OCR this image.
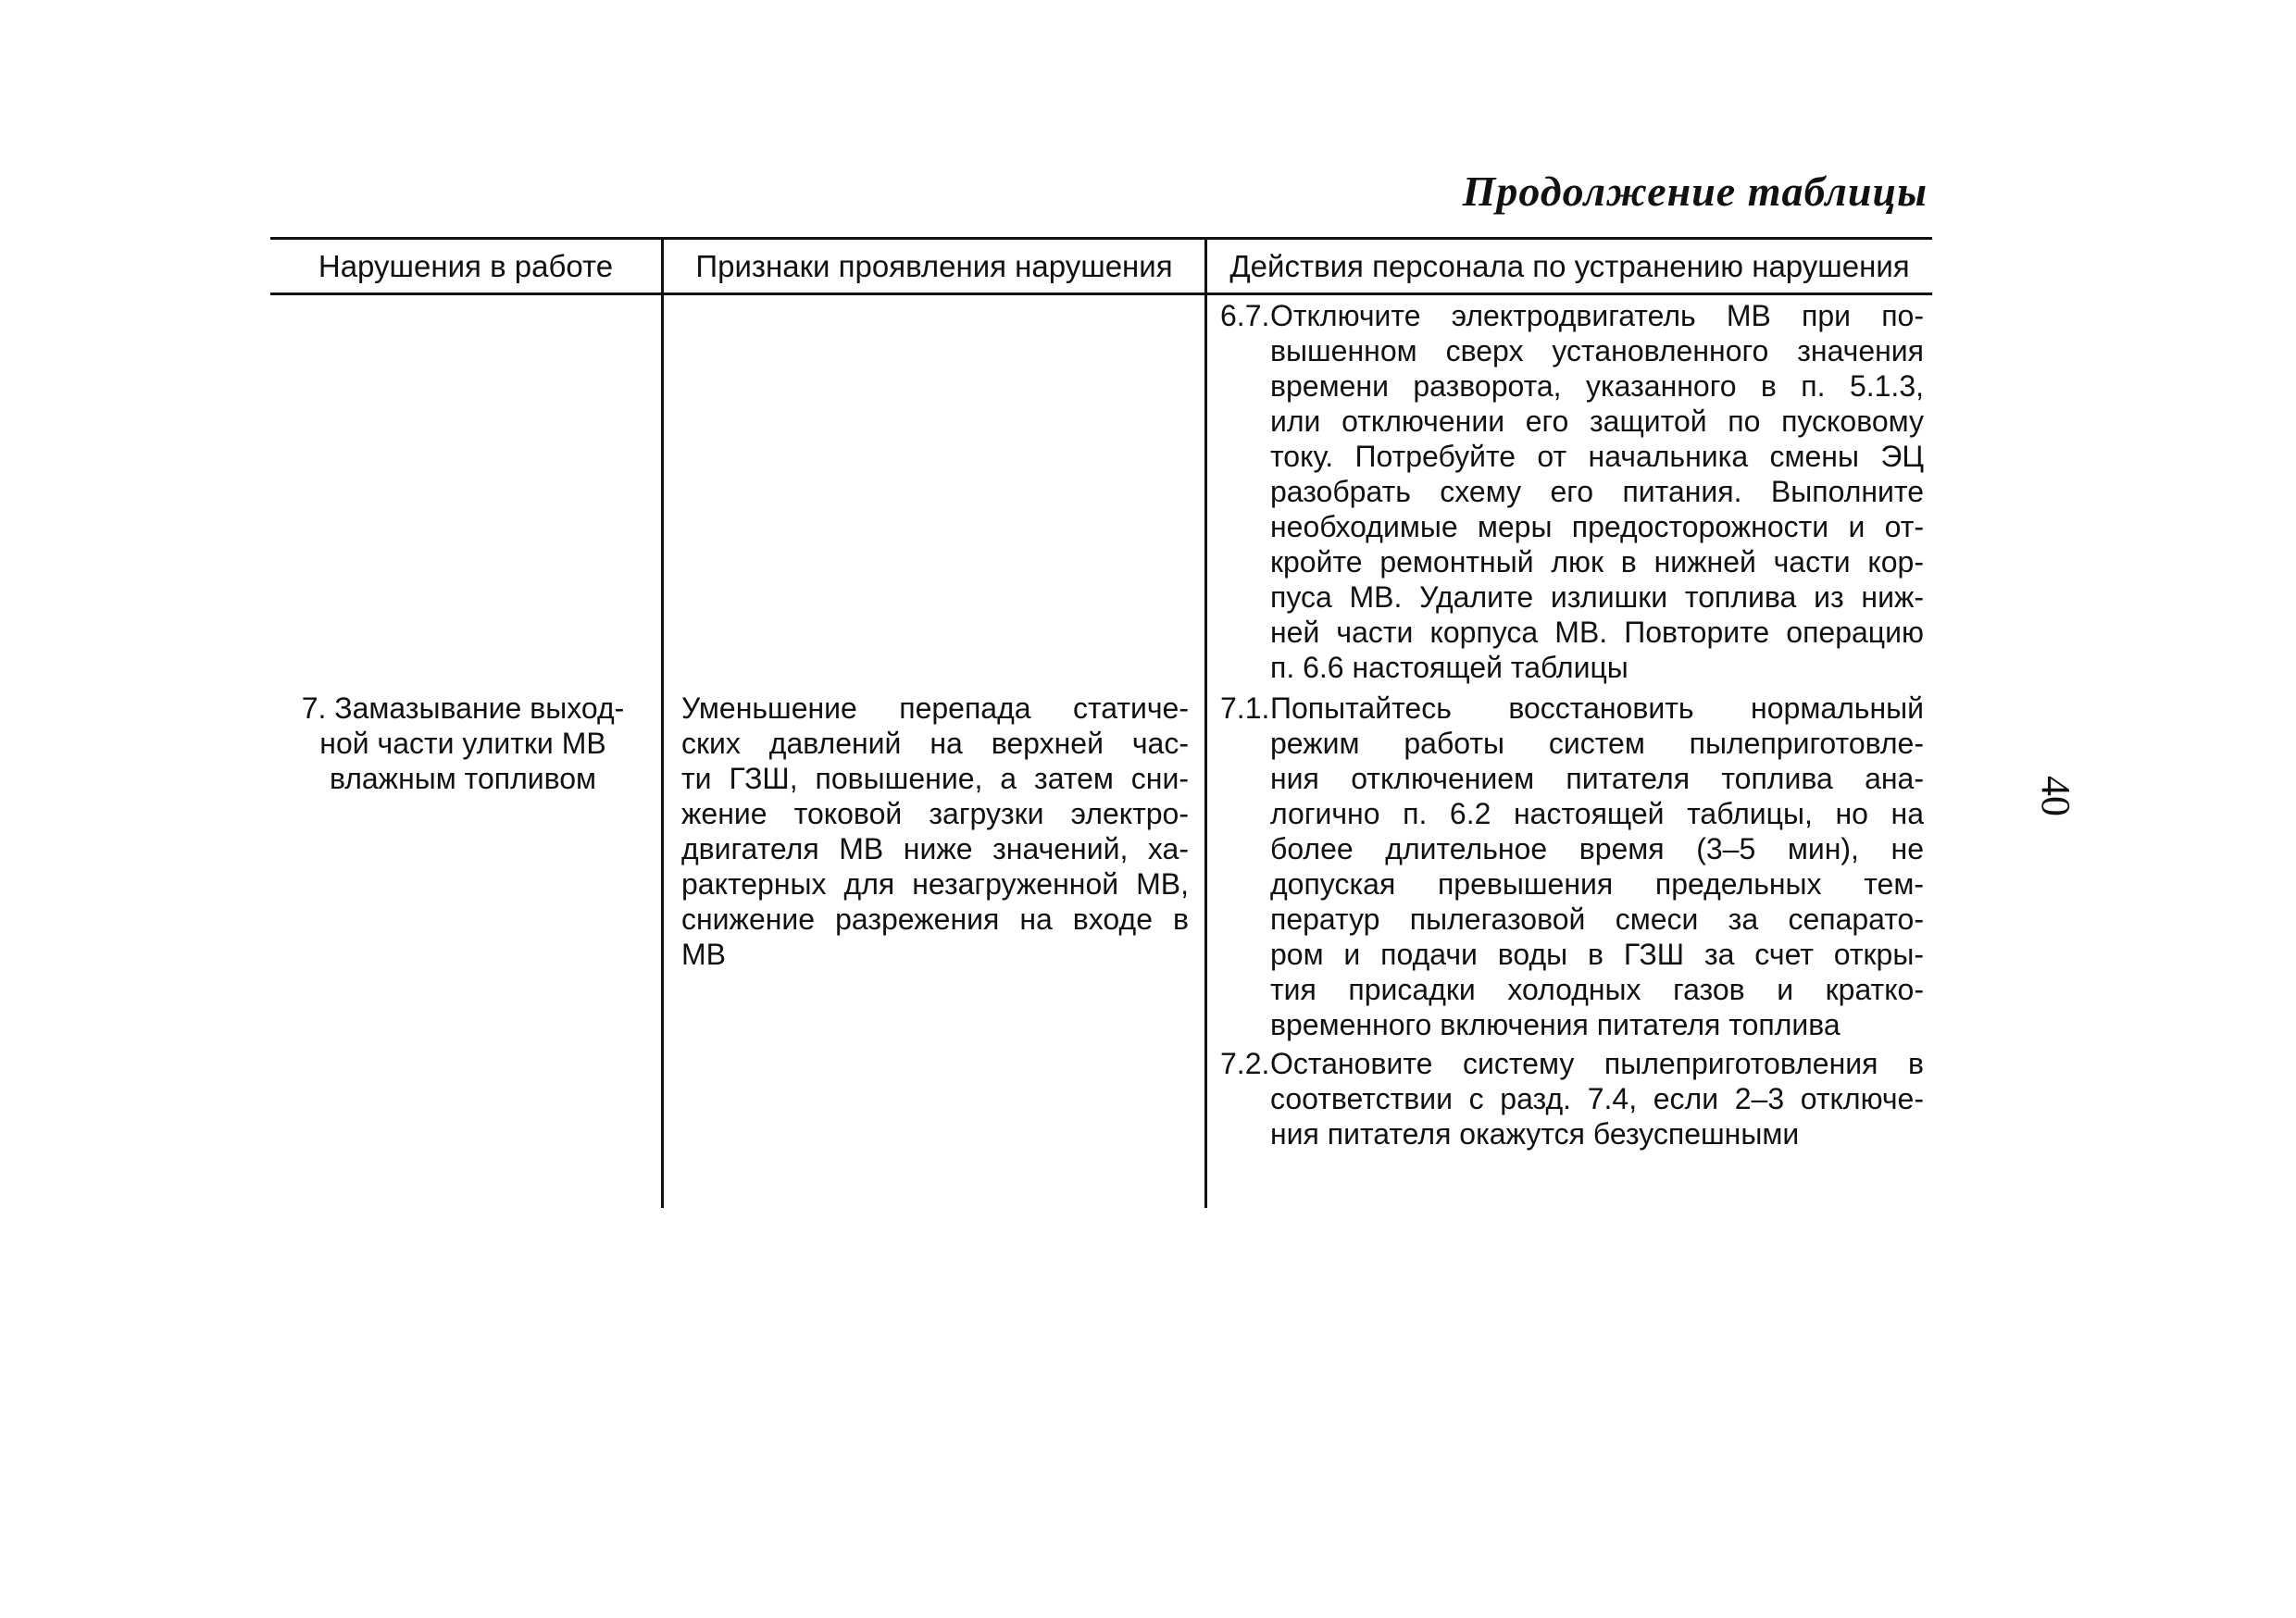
Продолжение таблицы
Нарушения в работе	Признаки проявления нарушения	Действия персонала по устранению нарушения
7. Замазывание выход-
ной части улитки МВ
влажным топливом
Уменьшение перепада статиче-
ских давлений на верхней час-
ти ГЗШ, повышение, а затем сни-
жение токовой загрузки электро-
двигателя МВ ниже значений, ха-
рактерных для незагруженной МВ,
снижение разрежения на входе в
МВ
6.7. Отключите электродвигатель МВ при по-
вышенном сверх установленного значения
времени разворота, указанного в п. 5.1.3,
или отключении его защитой по пусковому
току. Потребуйте от начальника смены ЭЦ
разобрать схему его питания. Выполните
необходимые меры предосторожности и от-
кройте ремонтный люк в нижней части кор-
пуса МВ. Удалите излишки топлива из ниж-
ней части корпуса МВ. Повторите операцию
п. 6.6 настоящей таблицы
7.1. Попытайтесь восстановить нормальный
режим работы систем пылеприготовле-
ния отключением питателя топлива ана-
логично п. 6.2 настоящей таблицы, но на
более длительное время (3–5 мин), не
допуская превышения предельных тем-
ператур пылегазовой смеси за сепарато-
ром и подачи воды в ГЗШ за счет откры-
тия присадки холодных газов и кратко-
временного включения питателя топлива
7.2. Остановите систему пылеприготовления в
соответствии с разд. 7.4, если 2–3 отключе-
ния питателя окажутся безуспешными
40
